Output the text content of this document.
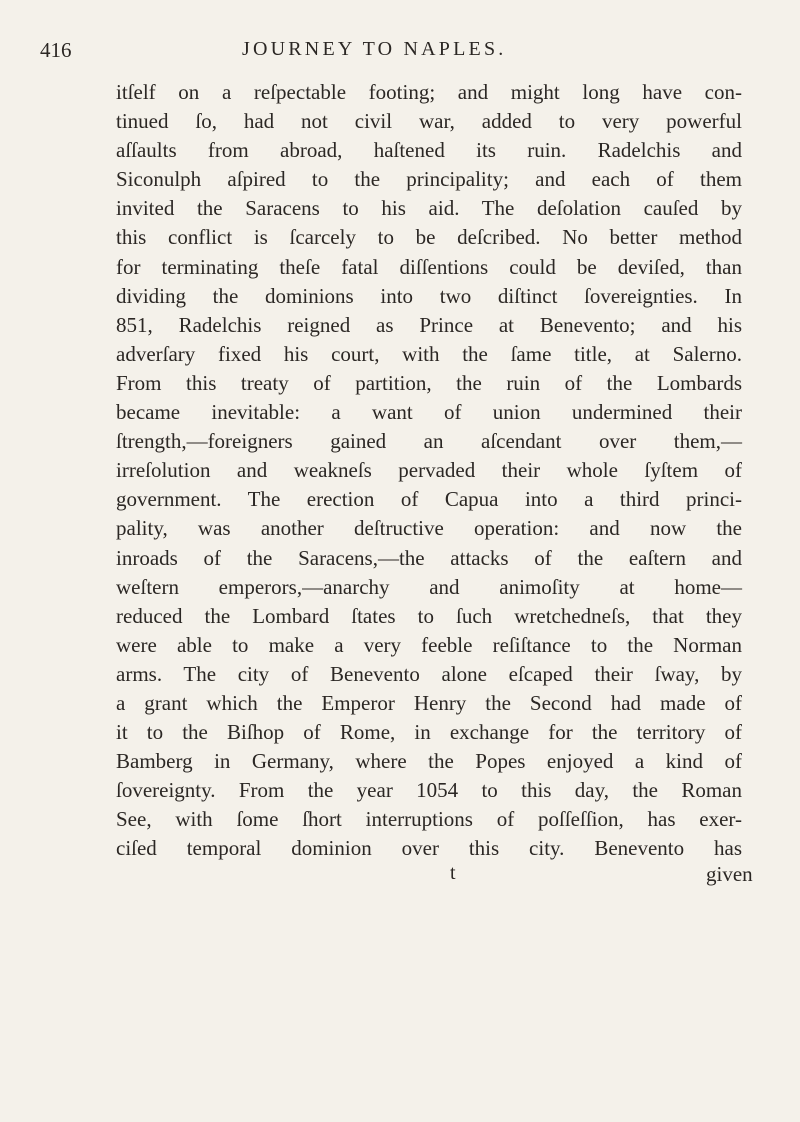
416	JOURNEY TO NAPLES.
itſelf on a reſpectable footing; and might long have con-
tinued ſo, had not civil war, added to very powerful
aſſaults from abroad, haſtened its ruin. Radelchis and
Siconulph aſpired to the principality; and each of them
invited the Saracens to his aid. The deſolation cauſed by
this conflict is ſcarcely to be deſcribed. No better method
for terminating theſe fatal diſſentions could be deviſed, than
dividing the dominions into two diſtinct ſovereignties. In
851, Radelchis reigned as Prince at Benevento; and his
adverſary fixed his court, with the ſame title, at Salerno.
From this treaty of partition, the ruin of the Lombards
became inevitable: a want of union undermined their
ſtrength,—foreigners gained an aſcendant over them,—
irreſolution and weakneſs pervaded their whole ſyſtem of
government. The erection of Capua into a third princi-
pality, was another deſtructive operation: and now the
inroads of the Saracens,—the attacks of the eaſtern and
weſtern emperors,—anarchy and animoſity at home—
reduced the Lombard ſtates to ſuch wretchedneſs, that they
were able to make a very feeble reſiſtance to the Norman
arms. The city of Benevento alone eſcaped their ſway, by
a grant which the Emperor Henry the Second had made of
it to the Biſhop of Rome, in exchange for the territory of
Bamberg in Germany, where the Popes enjoyed a kind of
ſovereignty. From the year 1054 to this day, the Roman
See, with ſome ſhort interruptions of poſſeſſion, has exer-
ciſed temporal dominion over this city. Benevento has
t	given
